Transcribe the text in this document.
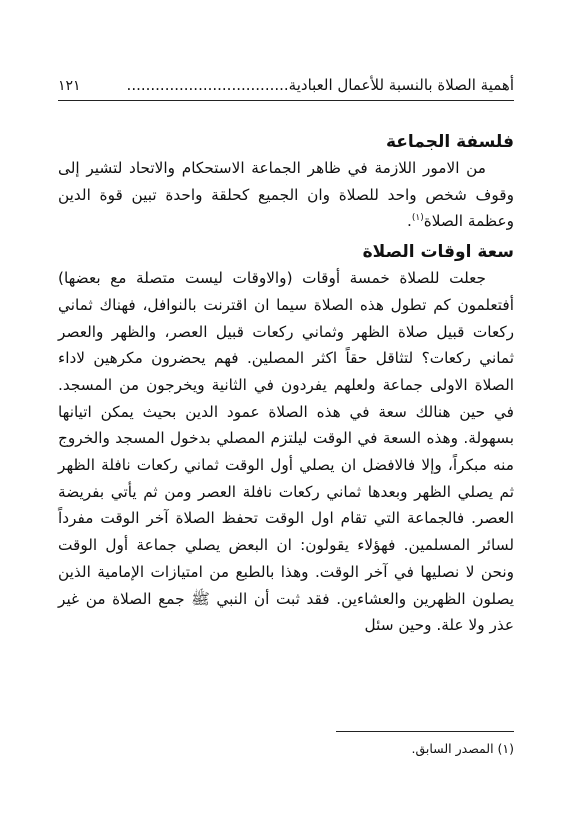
أهمية الصلاة بالنسبة للأعمال العبادية..................................
١٢١
فلسفة الجماعة

من الامور اللازمة في ظاهر الجماعة الاستحكام والاتحاد لتشير إلى وقوف شخص واحد للصلاة وان الجميع كحلقة واحدة تبين قوة الدين وعظمة الصلاة$^{(١)}$.

سعة اوقات الصلاة

جعلت للصلاة خمسة أوقات (والاوقات ليست متصلة مع بعضها) أفتعلمون كم تطول هذه الصلاة سيما ان اقترنت بالنوافل، فهناك ثماني ركعات قبيل صلاة الظهر وثماني ركعات قبيل العصر، والظهر والعصر ثماني ركعات؟ لتثاقل حقاً اكثر المصلين. فهم يحضرون مكرهين لاداء الصلاة الاولى جماعة ولعلهم يفردون في الثانية ويخرجون من المسجد. في حين هنالك سعة في هذه الصلاة عمود الدين بحيث يمكن اتيانها بسهولة. وهذه السعة في الوقت ليلتزم المصلي بدخول المسجد والخروج منه مبكراً، وإلا فالافضل ان يصلي أول الوقت ثماني ركعات نافلة الظهر ثم يصلي الظهر وبعدها ثماني ركعات نافلة العصر ومن ثم يأتي بفريضة العصر. فالجماعة التي تقام اول الوقت تحفظ الصلاة آخر الوقت مفرداً لسائر المسلمين. فهؤلاء يقولون: ان البعض يصلي جماعة أول الوقت ونحن لا نصليها في آخر الوقت. وهذا بالطبع من امتيازات الإمامية الذين يصلون الظهرين والعشاءين. فقد ثبت أن النبي ﷺ جمع الصلاة من غير عذر ولا علة. وحين سئل

(١) المصدر السابق.
